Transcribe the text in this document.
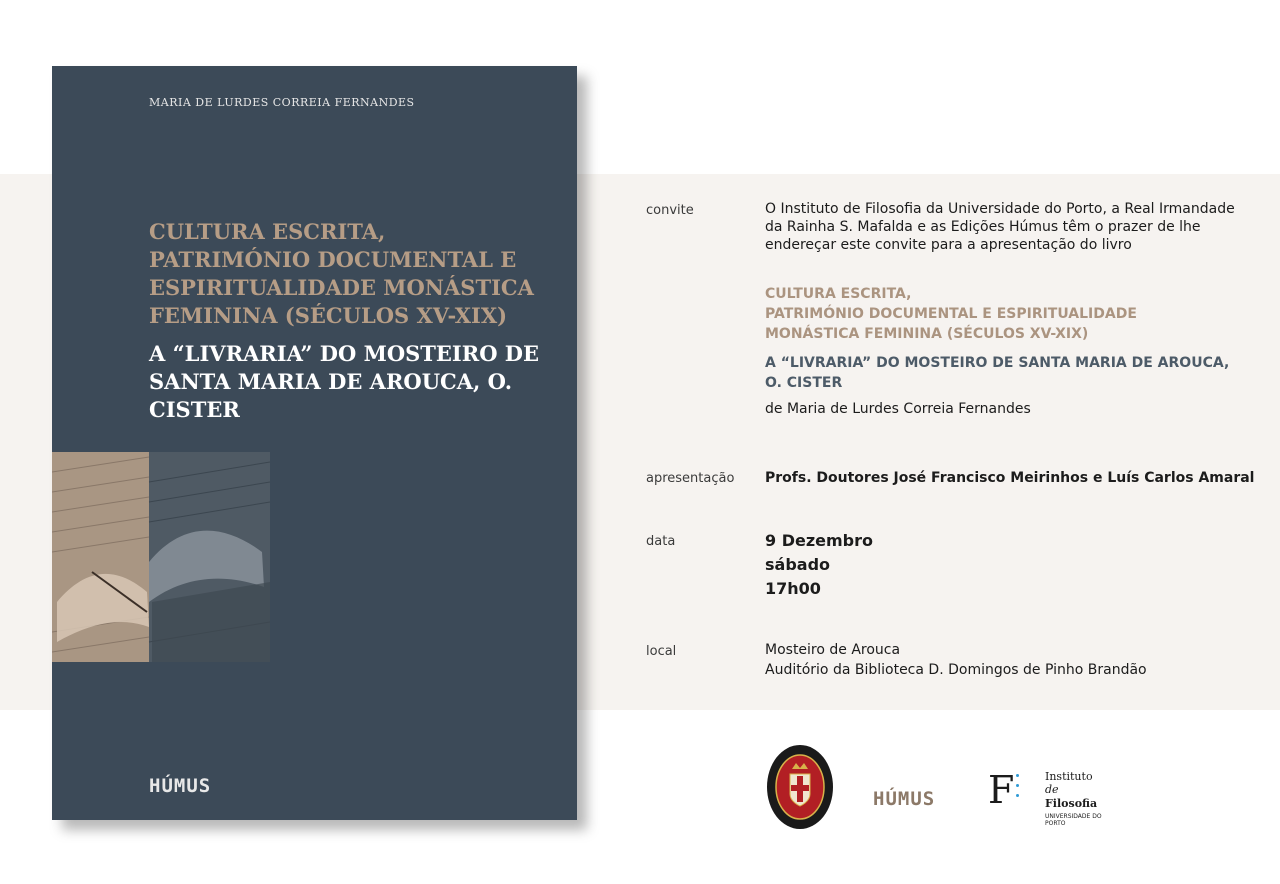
MARIA DE LURDES CORREIA FERNANDES

CULTURA ESCRITA, PATRIMÓNIO DOCUMENTAL E ESPIRITUALIDADE MONÁSTICA FEMININA (SÉCULOS XV-XIX)

A “LIVRARIA” DO MOSTEIRO DE SANTA MARIA DE AROUCA, O. CISTER

HÚMUS
convite	O Instituto de Filosofia da Universidade do Porto, a Real Irmandade da Rainha S. Mafalda e as Edições Húmus têm o prazer de lhe endereçar este convite para a apresentação do livro
CULTURA ESCRITA,
PATRIMÓNIO DOCUMENTAL E ESPIRITUALIDADE
MONÁSTICA FEMININA (SÉCULOS XV-XIX)
A “LIVRARIA” DO MOSTEIRO DE SANTA MARIA DE AROUCA,
O. CISTER
de Maria de Lurdes Correia Fernandes
apresentação Profs. Doutores José Francisco Meirinhos e Luís Carlos Amaral
data	9 Dezembro
sábado
17h00
local	Mosteiro de Arouca
Auditório da Biblioteca D. Domingos de Pinho Brandão
HÚMUS F	Instituto
de
Filosofia
UNIVERSIDADE DO PORTO
